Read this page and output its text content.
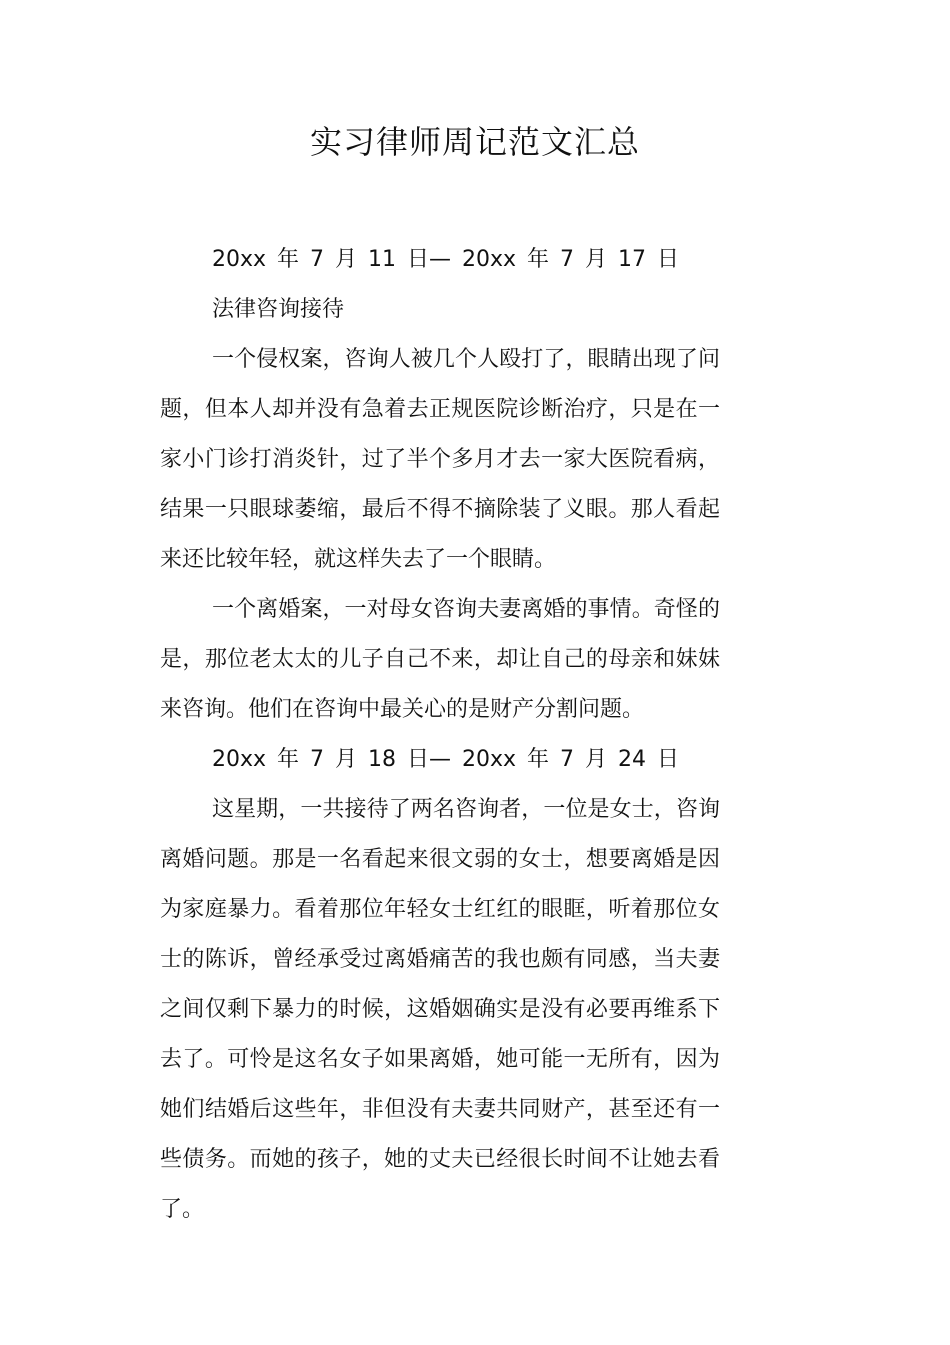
实习律师周记范文汇总

20xx 年 7 月 11 日— 20xx 年 7 月 17 日

法律咨询接待

一个侵权案，咨询人被几个人殴打了，眼睛出现了问题，但本人却并没有急着去正规医院诊断治疗，只是在一家小门诊打消炎针，过了半个多月才去一家大医院看病，结果一只眼球萎缩，最后不得不摘除装了义眼。那人看起来还比较年轻，就这样失去了一个眼睛。

一个离婚案，一对母女咨询夫妻离婚的事情。奇怪的是，那位老太太的儿子自己不来，却让自己的母亲和妹妹来咨询。他们在咨询中最关心的是财产分割问题。

20xx 年 7 月 18 日— 20xx 年 7 月 24 日

这星期，一共接待了两名咨询者，一位是女士，咨询离婚问题。那是一名看起来很文弱的女士，想要离婚是因为家庭暴力。看着那位年轻女士红红的眼眶，听着那位女士的陈诉，曾经承受过离婚痛苦的我也颇有同感，当夫妻之间仅剩下暴力的时候，这婚姻确实是没有必要再维系下去了。可怜是这名女子如果离婚，她可能一无所有，因为她们结婚后这些年，非但没有夫妻共同财产，甚至还有一些债务。而她的孩子，她的丈夫已经很长时间不让她去看了。
